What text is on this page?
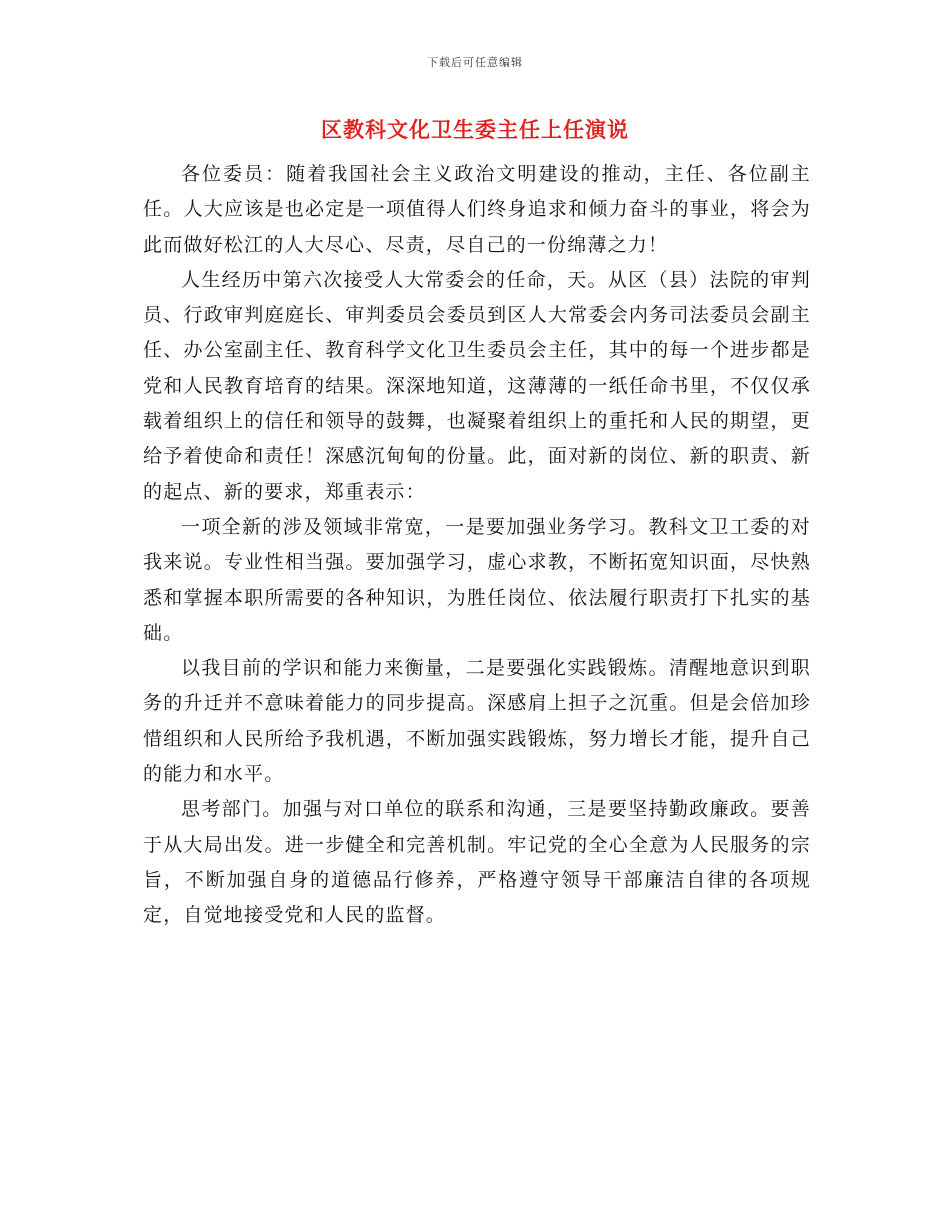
下载后可任意编辑
区教科文化卫生委主任上任演说

各位委员：随着我国社会主义政治文明建设的推动，主任、各位副主任。人大应该是也必定是一项值得人们终身追求和倾力奋斗的事业，将会为此而做好松江的人大尽心、尽责，尽自己的一份绵薄之力！

人生经历中第六次接受人大常委会的任命，天。从区（县）法院的审判员、行政审判庭庭长、审判委员会委员到区人大常委会内务司法委员会副主任、办公室副主任、教育科学文化卫生委员会主任，其中的每一个进步都是党和人民教育培育的结果。深深地知道，这薄薄的一纸任命书里，不仅仅承载着组织上的信任和领导的鼓舞，也凝聚着组织上的重托和人民的期望，更给予着使命和责任！深感沉甸甸的份量。此，面对新的岗位、新的职责、新的起点、新的要求，郑重表示：

一项全新的涉及领域非常宽，一是要加强业务学习。教科文卫工委的对我来说。专业性相当强。要加强学习，虚心求教，不断拓宽知识面，尽快熟悉和掌握本职所需要的各种知识，为胜任岗位、依法履行职责打下扎实的基础。

以我目前的学识和能力来衡量，二是要强化实践锻炼。清醒地意识到职务的升迁并不意味着能力的同步提高。深感肩上担子之沉重。但是会倍加珍惜组织和人民所给予我机遇，不断加强实践锻炼，努力增长才能，提升自己的能力和水平。

思考部门。加强与对口单位的联系和沟通，三是要坚持勤政廉政。要善于从大局出发。进一步健全和完善机制。牢记党的全心全意为人民服务的宗旨，不断加强自身的道德品行修养，严格遵守领导干部廉洁自律的各项规定，自觉地接受党和人民的监督。
